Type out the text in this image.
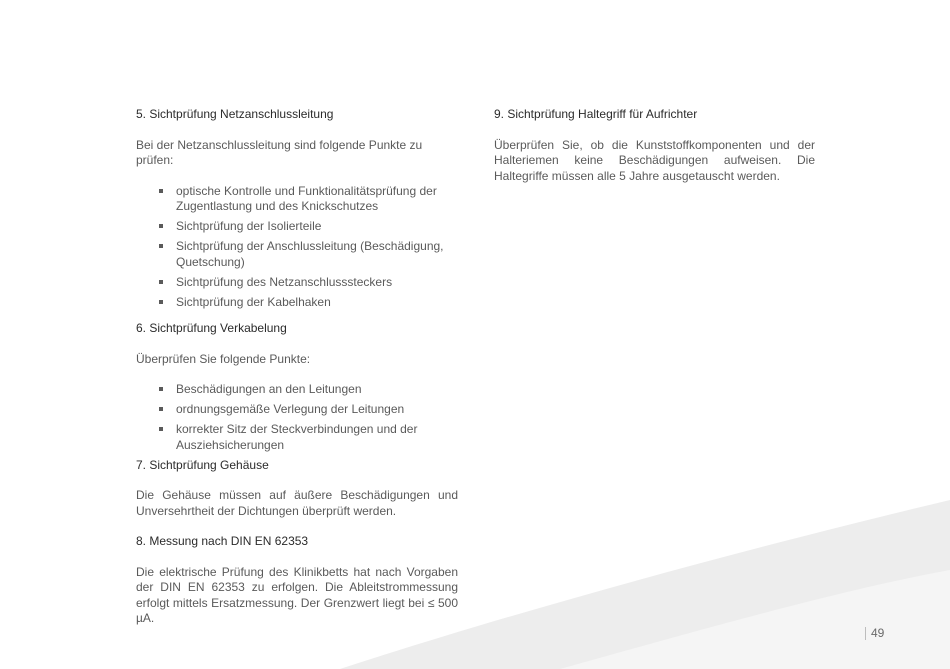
5. Sichtprüfung Netzanschlussleitung

Bei der Netzanschlussleitung sind folgende Punkte zu prüfen:

optische Kontrolle und Funktionalitätsprüfung der Zugentlastung und des Knickschutzes
Sichtprüfung der Isolierteile
Sichtprüfung der Anschlussleitung (Beschädigung, Quetschung)
Sichtprüfung des Netzanschlusssteckers
Sichtprüfung der Kabelhaken
6. Sichtprüfung Verkabelung

Überprüfen Sie folgende Punkte:

Beschädigungen an den Leitungen
ordnungsgemäße Verlegung der Leitungen
korrekter Sitz der Steckverbindungen und der Ausziehsicherungen
7. Sichtprüfung Gehäuse

Die Gehäuse müssen auf äußere Beschädigungen und Unversehrtheit der Dichtungen überprüft werden.

8. Messung nach DIN EN 62353

Die elektrische Prüfung des Klinikbetts hat nach Vorgaben der DIN EN 62353 zu erfolgen. Die Ableitstrommessung erfolgt mittels Ersatzmessung. Der Grenzwert liegt bei ≤ 500 µA.

9. Sichtprüfung Haltegriff für Aufrichter

Überprüfen Sie, ob die Kunststoffkomponenten und der Halteriemen keine Beschädigungen aufweisen. Die Haltegriffe müssen alle 5 Jahre ausgetauscht werden.

49
